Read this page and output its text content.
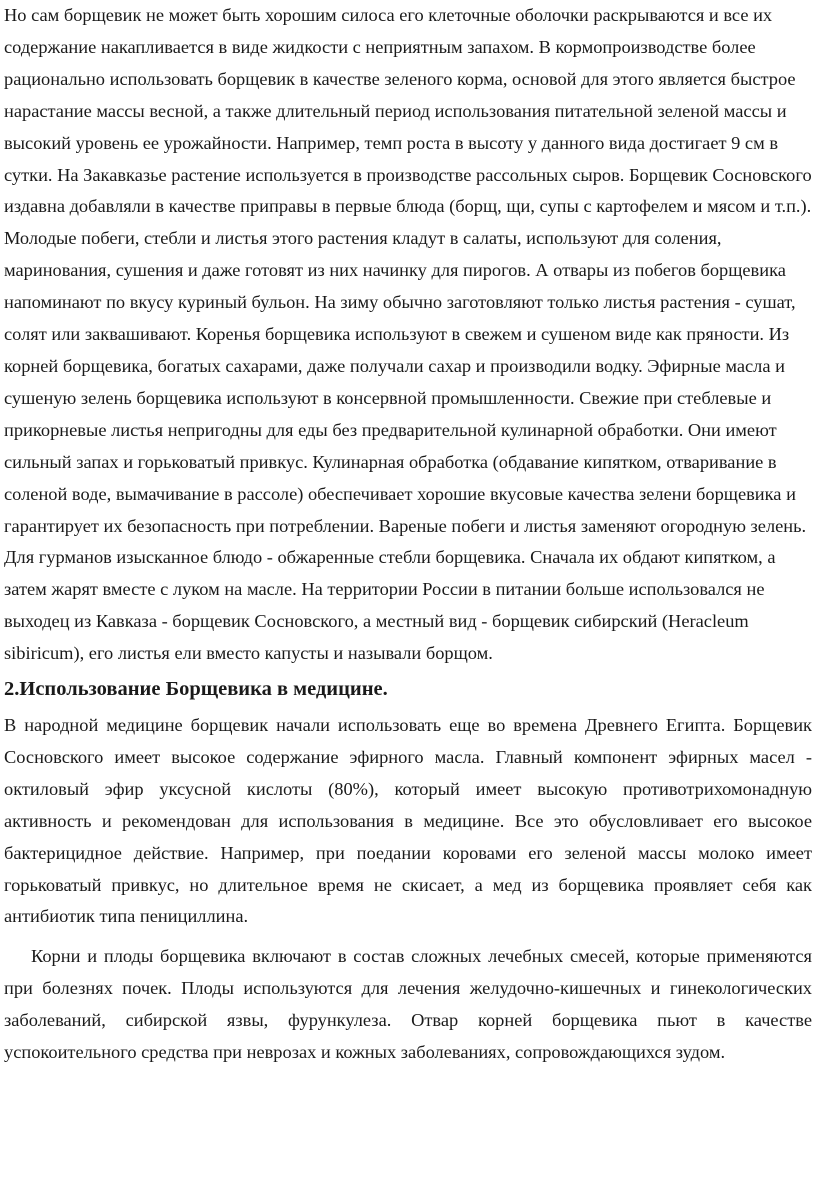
Но сам борщевик не может быть хорошим силоса его клеточные оболочки раскрываются и все их содержание накапливается в виде жидкости с неприятным запахом. В кормопроизводстве более рационально использовать борщевик в качестве зеленого корма, основой для этого является быстрое нарастание массы весной, а также длительный период использования питательной зеленой массы и высокий уровень ее урожайности. Например, темп роста в высоту у данного вида достигает 9 см в сутки. На Закавказье растение используется в производстве рассольных сыров. Борщевик Сосновского издавна добавляли в качестве приправы в первые блюда (борщ, щи, супы с картофелем и мясом и т.п.). Молодые побеги, стебли и листья этого растения кладут в салаты, используют для соления, маринования, сушения и даже готовят из них начинку для пирогов. А отвары из побегов борщевика напоминают по вкусу куриный бульон. На зиму обычно заготовляют только листья растения - сушат, солят или заквашивают. Коренья борщевика используют в свежем и сушеном виде как пряности. Из корней борщевика, богатых сахарами, даже получали сахар и производили водку. Эфирные масла и сушеную зелень борщевика используют в консервной промышленности. Свежие при стеблевые и прикорневые листья непригодны для еды без предварительной кулинарной обработки. Они имеют сильный запах и горьковатый привкус. Кулинарная обработка (обдавание кипятком, отваривание в соленой воде, вымачивание в рассоле) обеспечивает хорошие вкусовые качества зелени борщевика и гарантирует их безопасность при потреблении. Вареные побеги и листья заменяют огородную зелень. Для гурманов изысканное блюдо - обжаренные стебли борщевика. Сначала их обдают кипятком, а затем жарят вместе с луком на масле. На территории России в питании больше использовался не выходец из Кавказа - борщевик Сосновского, а местный вид - борщевик сибирский (Heracleum sibiricum), его листья ели вместо капусты и называли борщом.

2.Использование Борщевика в медицине.

В народной медицине борщевик начали использовать еще во времена Древнего Египта. Борщевик Сосновского имеет высокое содержание эфирного масла. Главный компонент эфирных масел - октиловый эфир уксусной кислоты (80%), который имеет высокую противотрихомонадную активность и рекомендован для использования в медицине. Все это обусловливает его высокое бактерицидное действие. Например, при поедании коровами его зеленой массы молоко имеет горьковатый привкус, но длительное время не скисает, а мед из борщевика проявляет себя как антибиотик типа пенициллина.

Корни и плоды борщевика включают в состав сложных лечебных смесей, которые применяются при болезнях почек. Плоды используются для лечения желудочно-кишечных и гинекологических заболеваний, сибирской язвы, фурункулеза. Отвар корней борщевика пьют в качестве успокоительного средства при неврозах и кожных заболеваниях, сопровождающихся зудом.
